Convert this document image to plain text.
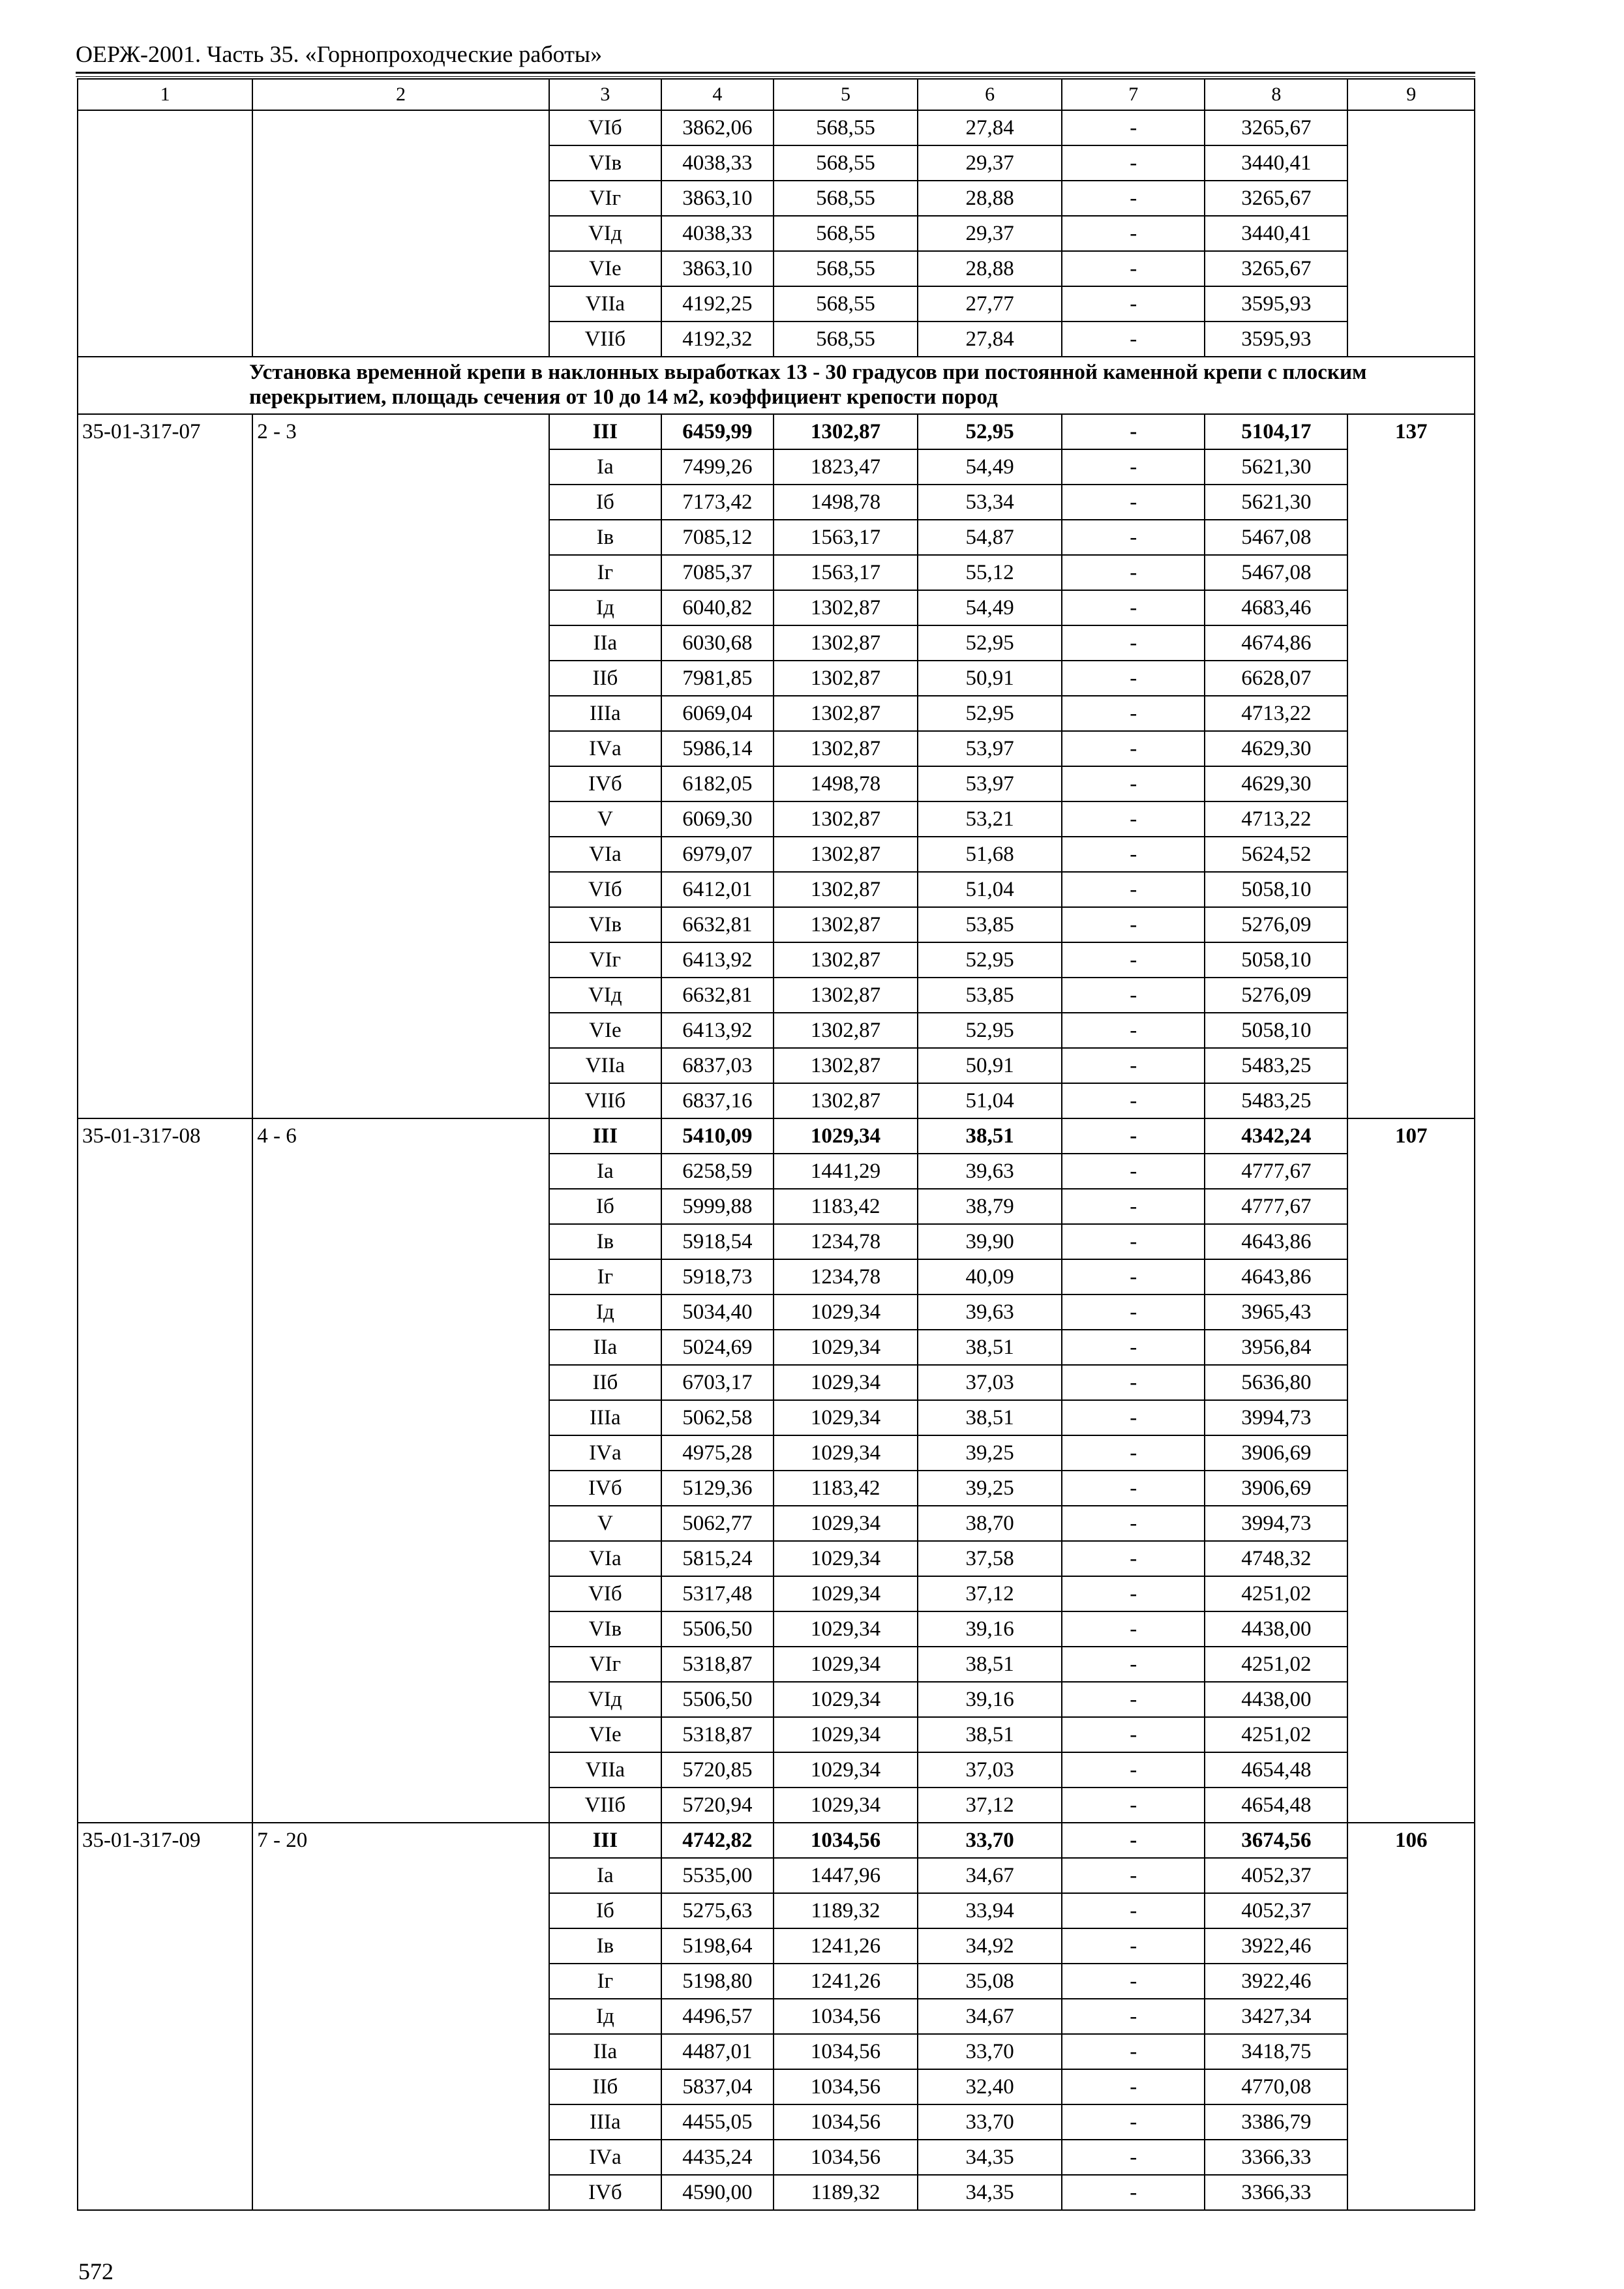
ОЕРЖ-2001. Часть 35. «Горнопроходческие работы»
1	2	3	4	5	6	7	8	9
		VIб	3862,06	568,55	27,84	-	3265,67	
		VIв	4038,33	568,55	29,37	-	3440,41	
		VIг	3863,10	568,55	28,88	-	3265,67	
		VIд	4038,33	568,55	29,37	-	3440,41	
		VIе	3863,10	568,55	28,88	-	3265,67	
		VIIа	4192,25	568,55	27,77	-	3595,93	
		VIIб	4192,32	568,55	27,84	-	3595,93	

Установка временной крепи в наклонных выработках 13 - 30 градусов при постоянной каменной крепи с плоским перекрытием, площадь сечения от 10 до 14 м2, коэффициент крепости пород								

35-01-317-07	2 - 3	III	6459,99	1302,87	52,95	-	5104,17	137
		Iа	7499,26	1823,47	54,49	-	5621,30	
		Iб	7173,42	1498,78	53,34	-	5621,30	
		Iв	7085,12	1563,17	54,87	-	5467,08	
		Iг	7085,37	1563,17	55,12	-	5467,08	
		Iд	6040,82	1302,87	54,49	-	4683,46	
		IIа	6030,68	1302,87	52,95	-	4674,86	
		IIб	7981,85	1302,87	50,91	-	6628,07	
		IIIа	6069,04	1302,87	52,95	-	4713,22	
		IVа	5986,14	1302,87	53,97	-	4629,30	
		IVб	6182,05	1498,78	53,97	-	4629,30	
		V	6069,30	1302,87	53,21	-	4713,22	
		VIа	6979,07	1302,87	51,68	-	5624,52	
		VIб	6412,01	1302,87	51,04	-	5058,10	
		VIв	6632,81	1302,87	53,85	-	5276,09	
		VIг	6413,92	1302,87	52,95	-	5058,10	
		VIд	6632,81	1302,87	53,85	-	5276,09	
		VIе	6413,92	1302,87	52,95	-	5058,10	
		VIIа	6837,03	1302,87	50,91	-	5483,25	
		VIIб	6837,16	1302,87	51,04	-	5483,25	
35-01-317-08	4 - 6	III	5410,09	1029,34	38,51	-	4342,24	107
		Iа	6258,59	1441,29	39,63	-	4777,67	
		Iб	5999,88	1183,42	38,79	-	4777,67	
		Iв	5918,54	1234,78	39,90	-	4643,86	
		Iг	5918,73	1234,78	40,09	-	4643,86	
		Iд	5034,40	1029,34	39,63	-	3965,43	
		IIа	5024,69	1029,34	38,51	-	3956,84	
		IIб	6703,17	1029,34	37,03	-	5636,80	
		IIIа	5062,58	1029,34	38,51	-	3994,73	
		IVа	4975,28	1029,34	39,25	-	3906,69	
		IVб	5129,36	1183,42	39,25	-	3906,69	
		V	5062,77	1029,34	38,70	-	3994,73	
		VIа	5815,24	1029,34	37,58	-	4748,32	
		VIб	5317,48	1029,34	37,12	-	4251,02	
		VIв	5506,50	1029,34	39,16	-	4438,00	
		VIг	5318,87	1029,34	38,51	-	4251,02	
		VIд	5506,50	1029,34	39,16	-	4438,00	
		VIе	5318,87	1029,34	38,51	-	4251,02	
		VIIа	5720,85	1029,34	37,03	-	4654,48	
		VIIб	5720,94	1029,34	37,12	-	4654,48	
35-01-317-09	7 - 20	III	4742,82	1034,56	33,70	-	3674,56	106
		Iа	5535,00	1447,96	34,67	-	4052,37	
		Iб	5275,63	1189,32	33,94	-	4052,37	
		Iв	5198,64	1241,26	34,92	-	3922,46	
		Iг	5198,80	1241,26	35,08	-	3922,46	
		Iд	4496,57	1034,56	34,67	-	3427,34	
		IIа	4487,01	1034,56	33,70	-	3418,75	
		IIб	5837,04	1034,56	32,40	-	4770,08	
		IIIа	4455,05	1034,56	33,70	-	3386,79	
		IVа	4435,24	1034,56	34,35	-	3366,33	
		IVб	4590,00	1189,32	34,35	-	3366,33	
572
